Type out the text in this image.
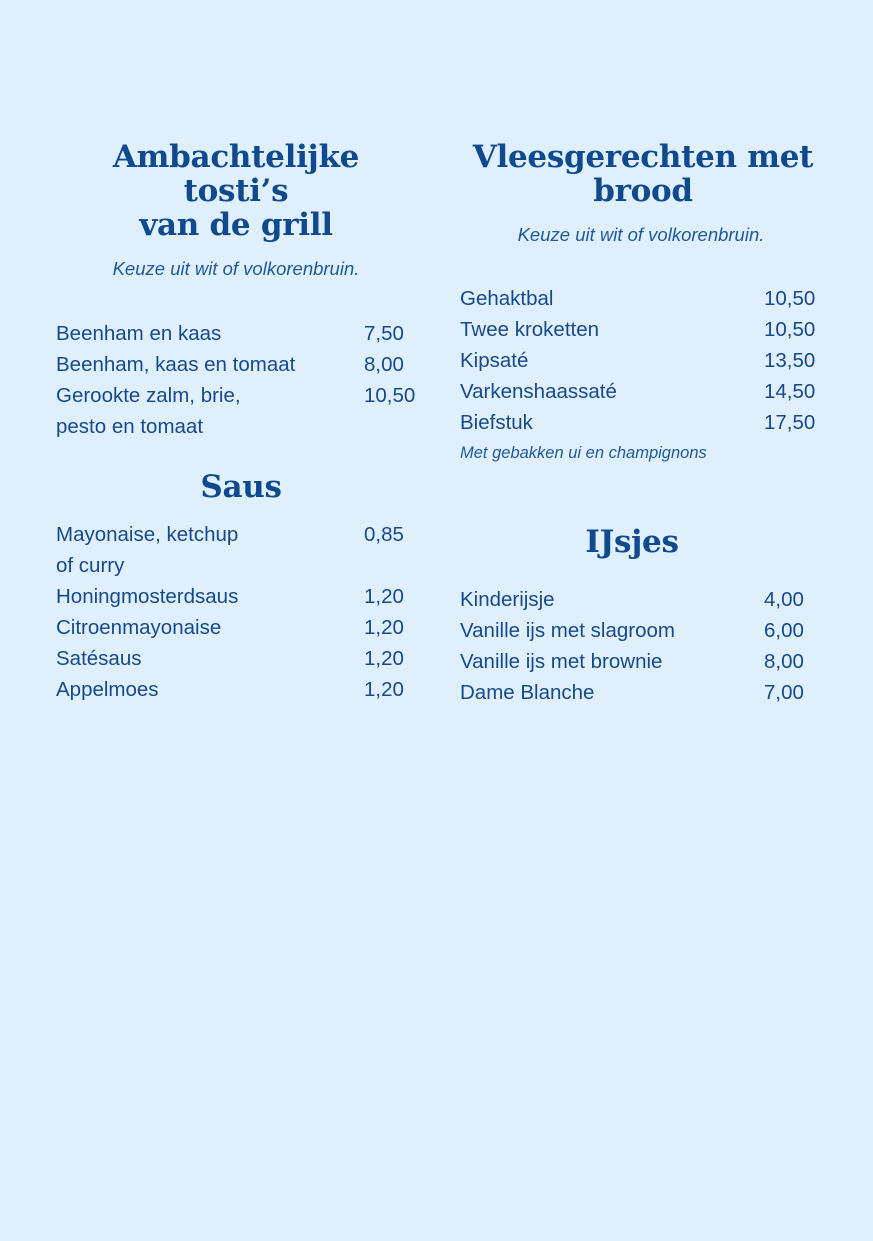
Ambachtelijke tosti’s
van de grill

Keuze uit wit of volkorenbruin.

Beenham en kaas	7,50
Beenham, kaas en tomaat	8,00
Gerookte zalm, brie,
pesto en tomaat
10,50
Vleesgerechten met
brood

Keuze uit wit of volkorenbruin.

Gehaktbal	10,50
Twee kroketten	10,50
Kipsaté	13,50
Varkenshaassaté	14,50
Biefstuk	17,50

Met gebakken ui en champignons

Saus
Mayonaise, ketchup
of curry
0,85
Honingmosterdsaus	1,20
Citroenmayonaise	1,20
Satésaus	1,20
Appelmoes	1,20
IJsjes
Kinderijsje	4,00
Vanille ijs met slagroom	6,00
Vanille ijs met brownie	8,00
Dame Blanche	7,00
